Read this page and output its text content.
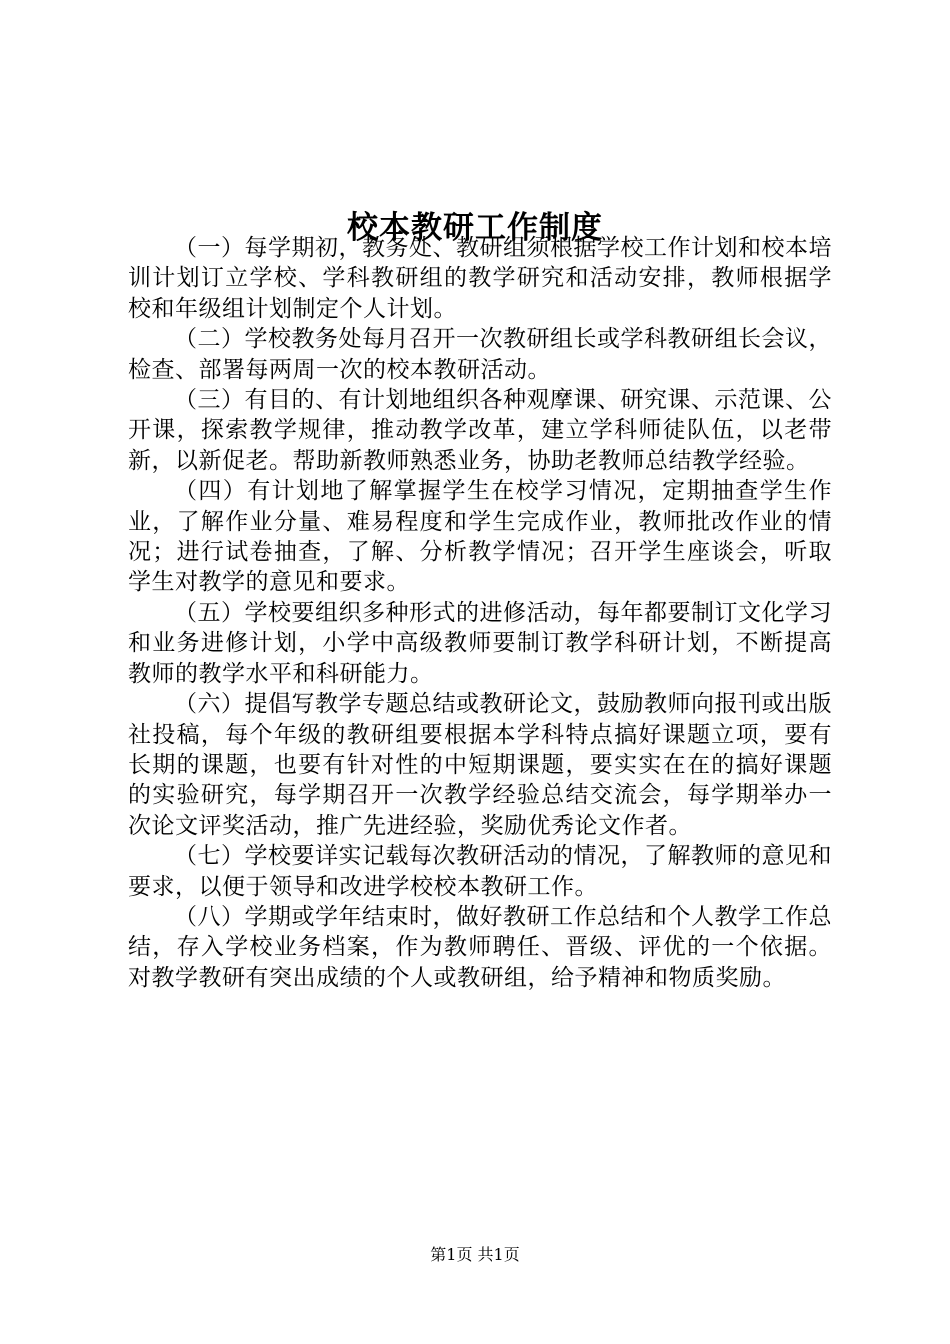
校本教研工作制度

（一）每学期初，教务处、教研组须根据学校工作计划和校本培训计划订立学校、学科教研组的教学研究和活动安排，教师根据学校和年级组计划制定个人计划。

（二）学校教务处每月召开一次教研组长或学科教研组长会议，检查、部署每两周一次的校本教研活动。

（三）有目的、有计划地组织各种观摩课、研究课、示范课、公开课，探索教学规律，推动教学改革，建立学科师徒队伍，以老带新，以新促老。帮助新教师熟悉业务，协助老教师总结教学经验。

（四）有计划地了解掌握学生在校学习情况，定期抽查学生作业，了解作业分量、难易程度和学生完成作业，教师批改作业的情况；进行试卷抽查，了解、分析教学情况；召开学生座谈会，听取学生对教学的意见和要求。

（五）学校要组织多种形式的进修活动，每年都要制订文化学习和业务进修计划，小学中高级教师要制订教学科研计划，不断提高教师的教学水平和科研能力。

（六）提倡写教学专题总结或教研论文，鼓励教师向报刊或出版社投稿，每个年级的教研组要根据本学科特点搞好课题立项，要有长期的课题，也要有针对性的中短期课题，要实实在在的搞好课题的实验研究，每学期召开一次教学经验总结交流会，每学期举办一次论文评奖活动，推广先进经验，奖励优秀论文作者。

（七）学校要详实记载每次教研活动的情况，了解教师的意见和要求，以便于领导和改进学校校本教研工作。

（八）学期或学年结束时，做好教研工作总结和个人教学工作总结，存入学校业务档案，作为教师聘任、晋级、评优的一个依据。对教学教研有突出成绩的个人或教研组，给予精神和物质奖励。

第1页 共1页
